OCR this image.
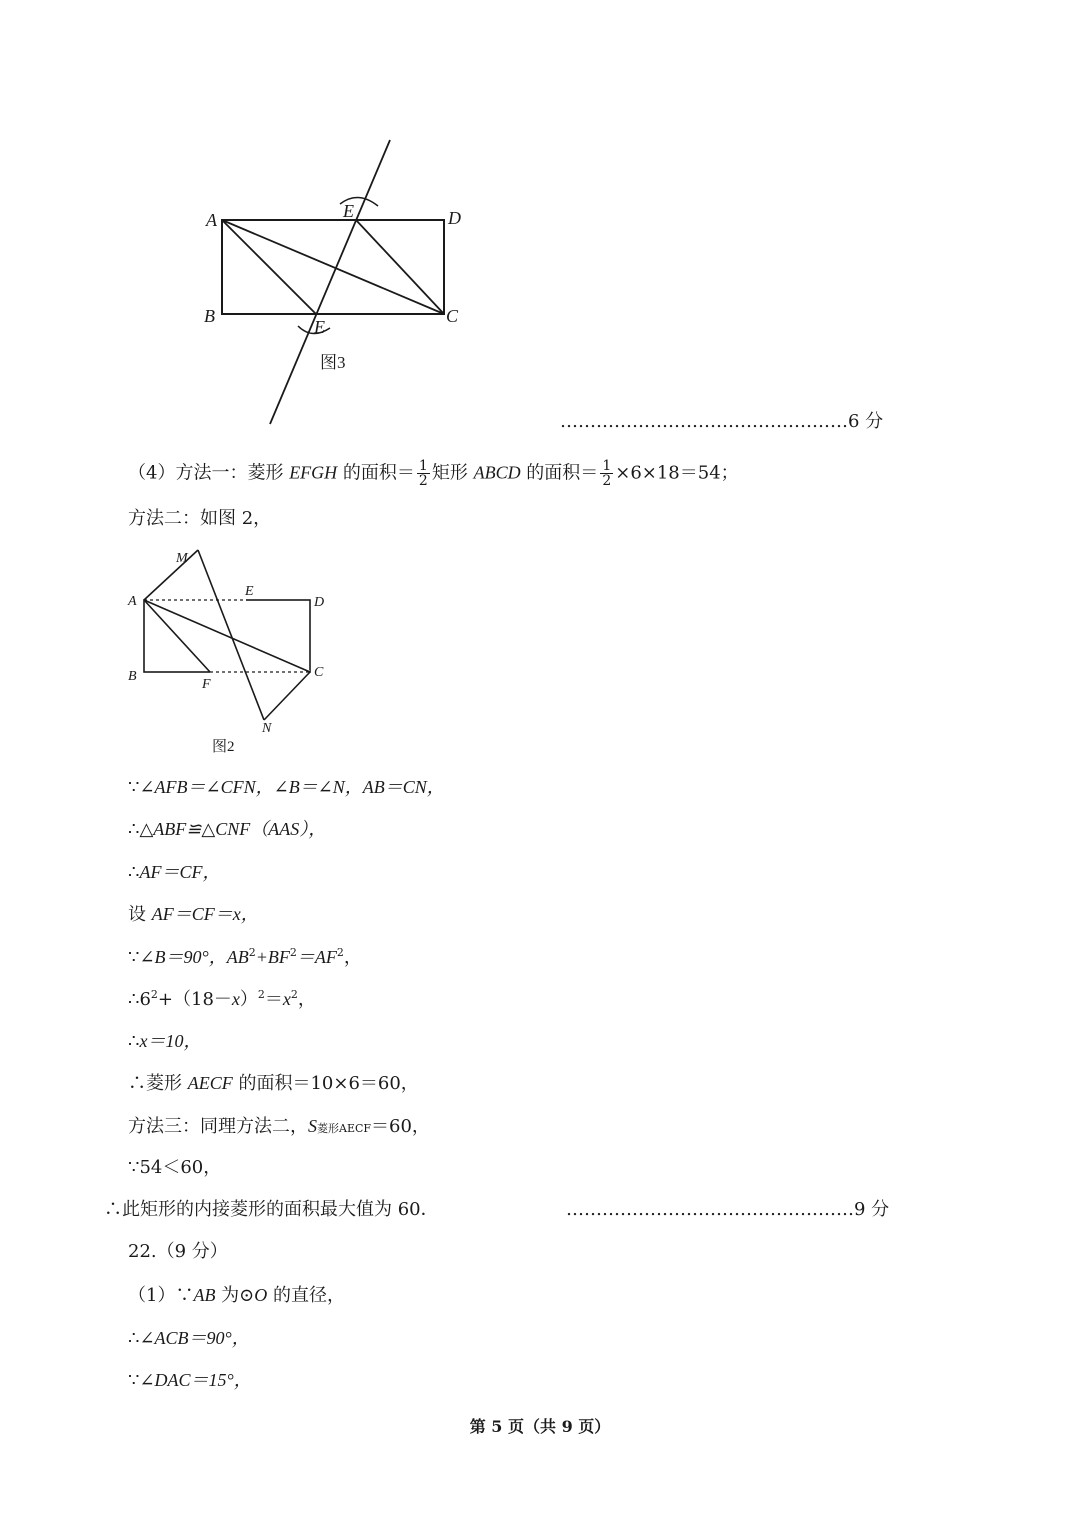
A
B	C
D
E
E
图3
…………………………………………6 分
（4）方法一：菱形 EFGH 的面积＝ $\frac{1}{2}$ 矩形 ABCD 的面积＝ $\frac{1}{2} \times 6\times 18=54$；
方法二：如图 2，
M
A
E
D
B
F
C
N
图2
∵∠AFB＝∠CFN，∠B＝∠N，AB＝CN，
∴△ABF≌△CNF（AAS），
∴AF＝CF，
设 AF＝CF＝x，
∵∠B＝90°，$AB^2+BF^2=AF^2$，
$\therefore 6^2+(18-x)^2=x^2$，
∴x＝10，
∴菱形 AECF 的面积＝10×6＝60，
方法三：同理方法二，S菱形AECF＝60，
∵54＜60，
∴此矩形的内接菱形的面积最大值为 60．	…………………………………………9 分
22.（9 分）
（1）∵AB 为⊙O 的直径，
∴∠ACB＝90°，
∵∠DAC＝15°，
第 5 页（共 9 页）
